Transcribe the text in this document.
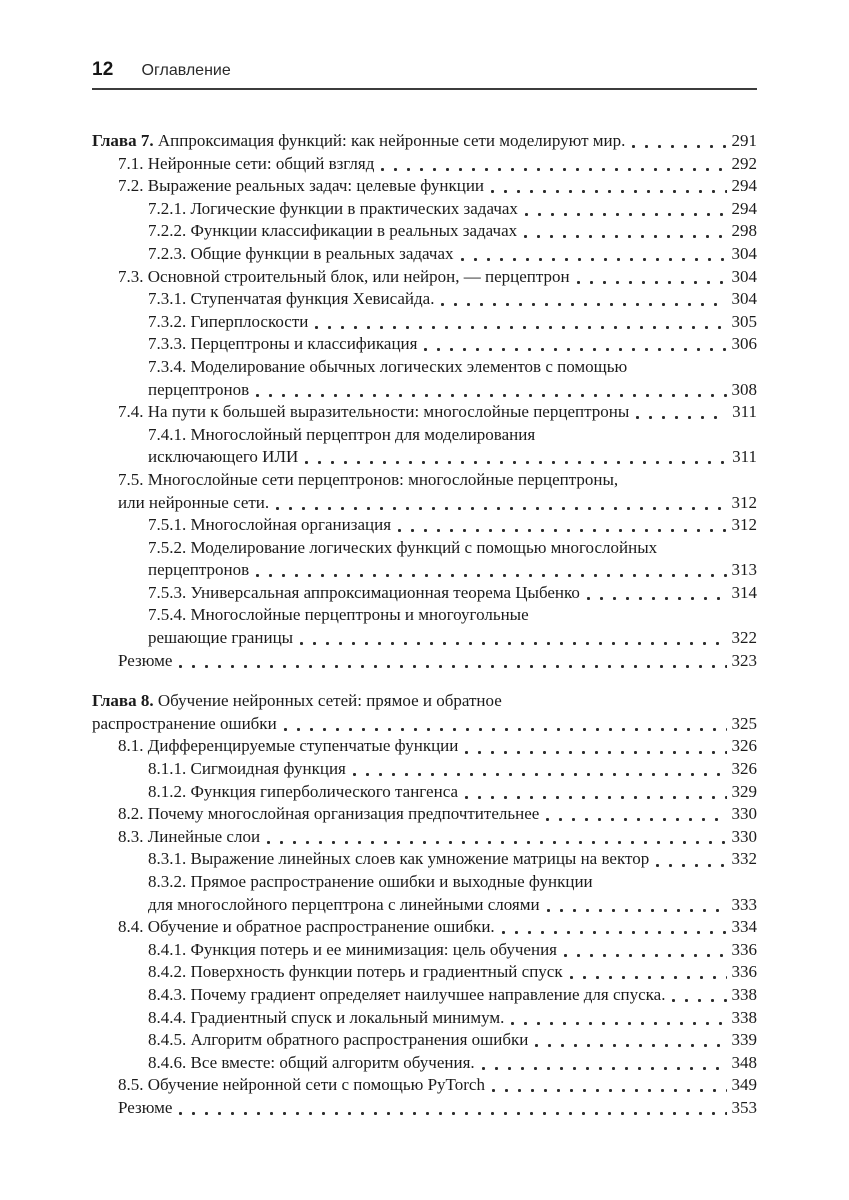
12 Оглавление
Глава 7. Аппроксимация функций: как нейронные сети моделируют мир.	291
7.1. Нейронные сети: общий взгляд	292
7.2. Выражение реальных задач: целевые функции	294
7.2.1. Логические функции в практических задачах	294
7.2.2. Функции классификации в реальных задачах	298
7.2.3. Общие функции в реальных задачах	304
7.3. Основной строительный блок, или нейрон, — перцептрон	304
7.3.1. Ступенчатая функция Хевисайда.	304
7.3.2. Гиперплоскости	305
7.3.3. Перцептроны и классификация	306
7.3.4. Моделирование обычных логических элементов с помощью
перцептронов	308
7.4. На пути к большей выразительности: многослойные перцептроны	311
7.4.1. Многослойный перцептрон для моделирования
исключающего ИЛИ	311
7.5. Многослойные сети перцептронов: многослойные перцептроны,
или нейронные сети.	312
7.5.1. Многослойная организация	312
7.5.2. Моделирование логических функций с помощью многослойных
перцептронов	313
7.5.3. Универсальная аппроксимационная теорема Цыбенко	314
7.5.4. Многослойные перцептроны и многоугольные
решающие границы	322
Резюме	323
Глава 8. Обучение нейронных сетей: прямое и обратное
распространение ошибки	325
8.1. Дифференцируемые ступенчатые функции	326
8.1.1. Сигмоидная функция	326
8.1.2. Функция гиперболического тангенса	329
8.2. Почему многослойная организация предпочтительнее	330
8.3. Линейные слои	330
8.3.1. Выражение линейных слоев как умножение матрицы на вектор	332
8.3.2. Прямое распространение ошибки и выходные функции
для многослойного перцептрона с линейными слоями	333
8.4. Обучение и обратное распространение ошибки.	334
8.4.1. Функция потерь и ее минимизация: цель обучения	336
8.4.2. Поверхность функции потерь и градиентный спуск	336
8.4.3. Почему градиент определяет наилучшее направление для спуска.	338
8.4.4. Градиентный спуск и локальный минимум.	338
8.4.5. Алгоритм обратного распространения ошибки	339
8.4.6. Все вместе: общий алгоритм обучения.	348
8.5. Обучение нейронной сети с помощью PyTorch	349
Резюме	353
